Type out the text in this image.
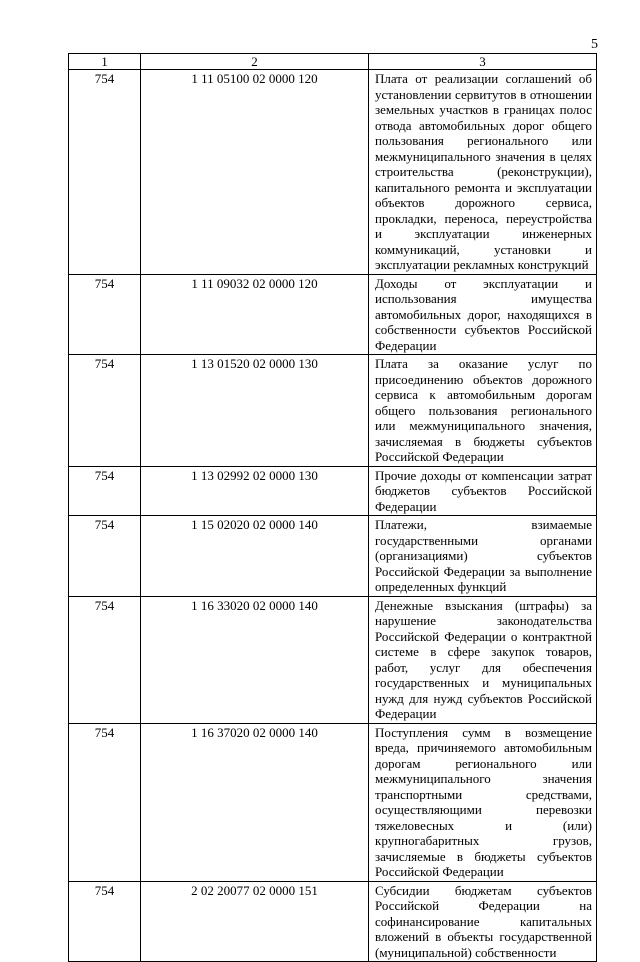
5
1	2	3
754	1 11 05100 02 0000 120	Плата от реализации соглашений об установлении сервитутов в отношении земельных участков в границах полос отвода автомобильных дорог общего пользования регионального или межмуниципального значения в целях строительства (реконструкции), капитального ремонта и эксплуатации объектов дорожного сервиса, прокладки, переноса, переустройства и эксплуатации инженерных коммуникаций, установки и эксплуатации рекламных конструкций
754	1 11 09032 02 0000 120	Доходы от эксплуатации и использования имущества автомобильных дорог, находящихся в собственности субъектов Российской Федерации
754	1 13 01520 02 0000 130	Плата за оказание услуг по присоединению объектов дорожного сервиса к автомобильным дорогам общего пользования регионального или межмуниципального значения, зачисляемая в бюджеты субъектов Российской Федерации
754	1 13 02992 02 0000 130	Прочие доходы от компенсации затрат бюджетов субъектов Российской Федерации
754	1 15 02020 02 0000 140	Платежи, взимаемые государственными органами (организациями) субъектов Российской Федерации за выполнение определенных функций
754	1 16 33020 02 0000 140	Денежные взыскания (штрафы) за нарушение законодательства Российской Федерации о контрактной системе в сфере закупок товаров, работ, услуг для обеспечения государственных и муниципальных нужд для нужд субъектов Российской Федерации
754	1 16 37020 02 0000 140	Поступления сумм в возмещение вреда, причиняемого автомобильным дорогам регионального или межмуниципального значения транспортными средствами, осуществляющими перевозки тяжеловесных и (или) крупногабаритных грузов, зачисляемые в бюджеты субъектов Российской Федерации
754	2 02 20077 02 0000 151	Субсидии бюджетам субъектов Российской Федерации на софинансирование капитальных вложений в объекты государственной (муниципальной) собственности
